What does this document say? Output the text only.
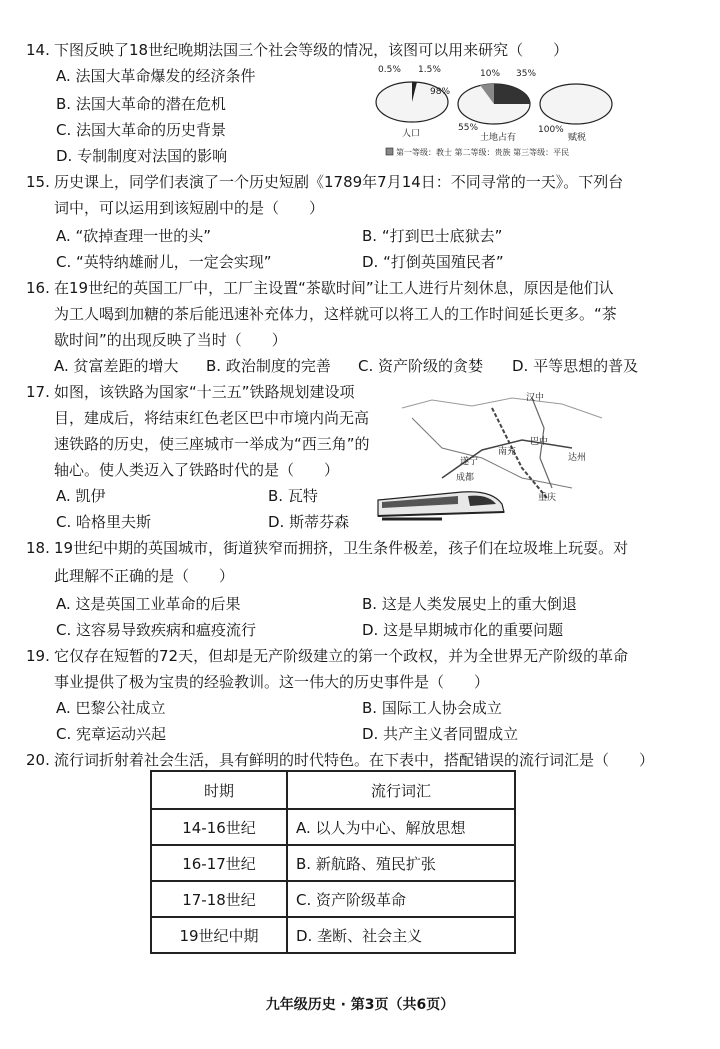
14. 下图反映了18世纪晚期法国三个社会等级的情况，该图可以用来研究（　　）
A. 法国大革命爆发的经济条件
B. 法国大革命的潜在危机
C. 法国大革命的历史背景
D. 专制制度对法国的影响
0.5% 1.5%
98%
人口
10% 35%
55%
土地占有
100%
赋税
第一等级：教士 第二等级：贵族 第三等级：平民
15. 历史课上，同学们表演了一个历史短剧《1789年7月14日：不同寻常的一天》。下列台
词中，可以运用到该短剧中的是（　　）
A. “砍掉查理一世的头”	B. “打到巴士底狱去”
C. “英特纳雄耐儿，一定会实现”	D. “打倒英国殖民者”
16. 在19世纪的英国工厂中，工厂主设置“茶歇时间”让工人进行片刻休息，原因是他们认
为工人喝到加糖的茶后能迅速补充体力，这样就可以将工人的工作时间延长更多。“茶
歇时间”的出现反映了当时（　　）
A. 贫富差距的增大 B. 政治制度的完善 C. 资产阶级的贪婪 D. 平等思想的普及
17. 如图，该铁路为国家“十三五”铁路规划建设项
目，建成后，将结束红色老区巴中市境内尚无高
速铁路的历史，使三座城市一举成为“西三角”的
轴心。使人类迈入了铁路时代的是（　　）
A. 凯伊	B. 瓦特
C. 哈格里夫斯	D. 斯蒂芬森
汉中
巴中
达州
南充
遂宁
成都
重庆
18. 19世纪中期的英国城市，街道狭窄而拥挤，卫生条件极差，孩子们在垃圾堆上玩耍。对
此理解不正确的是（　　）
A. 这是英国工业革命的后果	B. 这是人类发展史上的重大倒退
C. 这容易导致疾病和瘟疫流行	D. 这是早期城市化的重要问题
19. 它仅存在短暂的72天，但却是无产阶级建立的第一个政权，并为全世界无产阶级的革命
事业提供了极为宝贵的经验教训。这一伟大的历史事件是（　　）
A. 巴黎公社成立	B. 国际工人协会成立
C. 宪章运动兴起	D. 共产主义者同盟成立
20. 流行词折射着社会生活，具有鲜明的时代特色。在下表中，搭配错误的流行词汇是（　　）
时期	流行词汇
14-16世纪	A. 以人为中心、解放思想
16-17世纪	B. 新航路、殖民扩张
17-18世纪	C. 资产阶级革命
19世纪中期	D. 垄断、社会主义
九年级历史 · 第3页（共6页）
